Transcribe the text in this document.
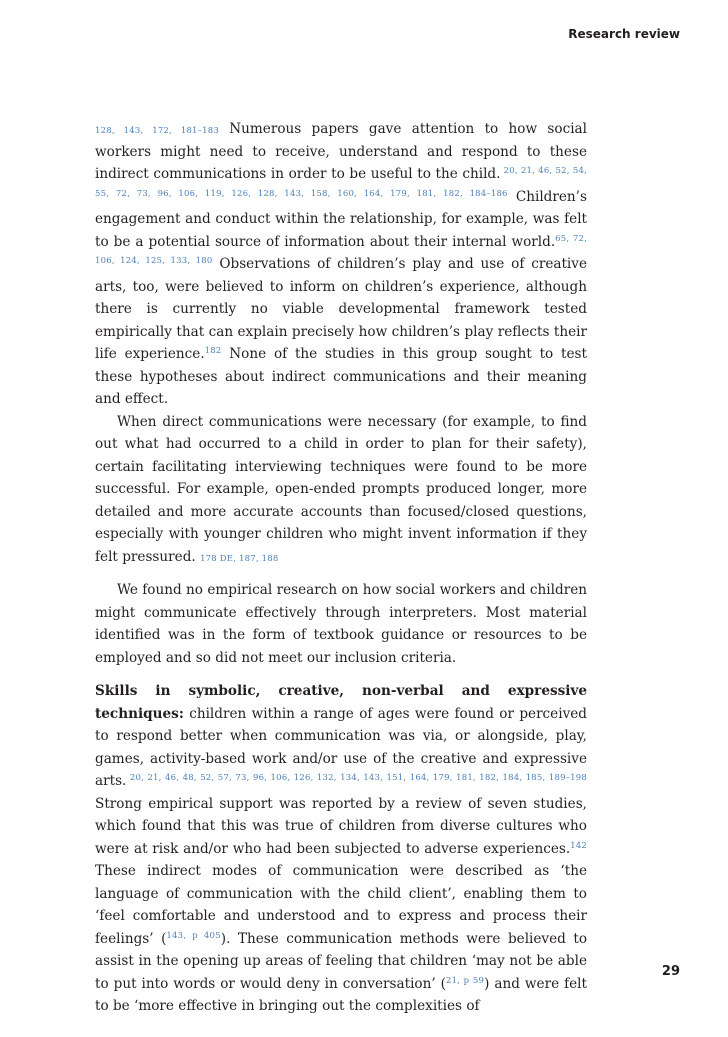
Research review

128, 143, 172, 181–183 Numerous papers gave attention to how social workers might need to receive, understand and respond to these indirect communications in order to be useful to the child. $^{20, 21, 46, 52, 54, 55, 72, 73, 96, 106, 119, 126, 128, 143, 158, 160, 164, 179, 181, 182, 184-186}$ Children’s engagement and conduct within the relationship, for example, was felt to be a potential source of information about their internal world.$^{65, 72, 106, 124, 125, 133, 180}$ Observations of children’s play and use of creative arts, too, were believed to inform on children’s experience, although there is currently no viable developmental framework tested empirically that can explain precisely how children’s play reflects their life experience.$^{182}$ None of the studies in this group sought to test these hypotheses about indirect communications and their meaning and effect.

When direct communications were necessary (for example, to find out what had occurred to a child in order to plan for their safety), certain facilitating interviewing techniques were found to be more successful. For example, open-ended prompts produced longer, more detailed and more accurate accounts than focused/closed questions, especially with younger children who might invent information if they felt pressured. 178 DE, 187, 188

We found no empirical research on how social workers and children might communicate effectively through interpreters. Most material identified was in the form of textbook guidance or resources to be employed and so did not meet our inclusion criteria.

Skills in symbolic, creative, non-verbal and expressive techniques: children within a range of ages were found or perceived to respond better when communication was via, or alongside, play, games, activity-based work and/or use of the creative and expressive arts. $^{20, 21, 46, 48, 52, 57, 73, 96, 106, 126, 132, 134, 143, 151, 164, 179, 181, 182, 184, 185, 189-198}$ Strong empirical support was reported by a review of seven studies, which found that this was true of children from diverse cultures who were at risk and/or who had been subjected to adverse experiences.$^{142}$ These indirect modes of communication were described as ‘the language of communication with the child client’, enabling them to ‘feel comfortable and understood and to express and process their feelings’ ($^{143, p 405}$). These communication methods were believed to assist in the opening up areas of feeling that children ‘may not be able to put into words or would deny in conversation’ ($^{21, p 59}$) and were felt to be ‘more effective in bringing out the complexities of

29
